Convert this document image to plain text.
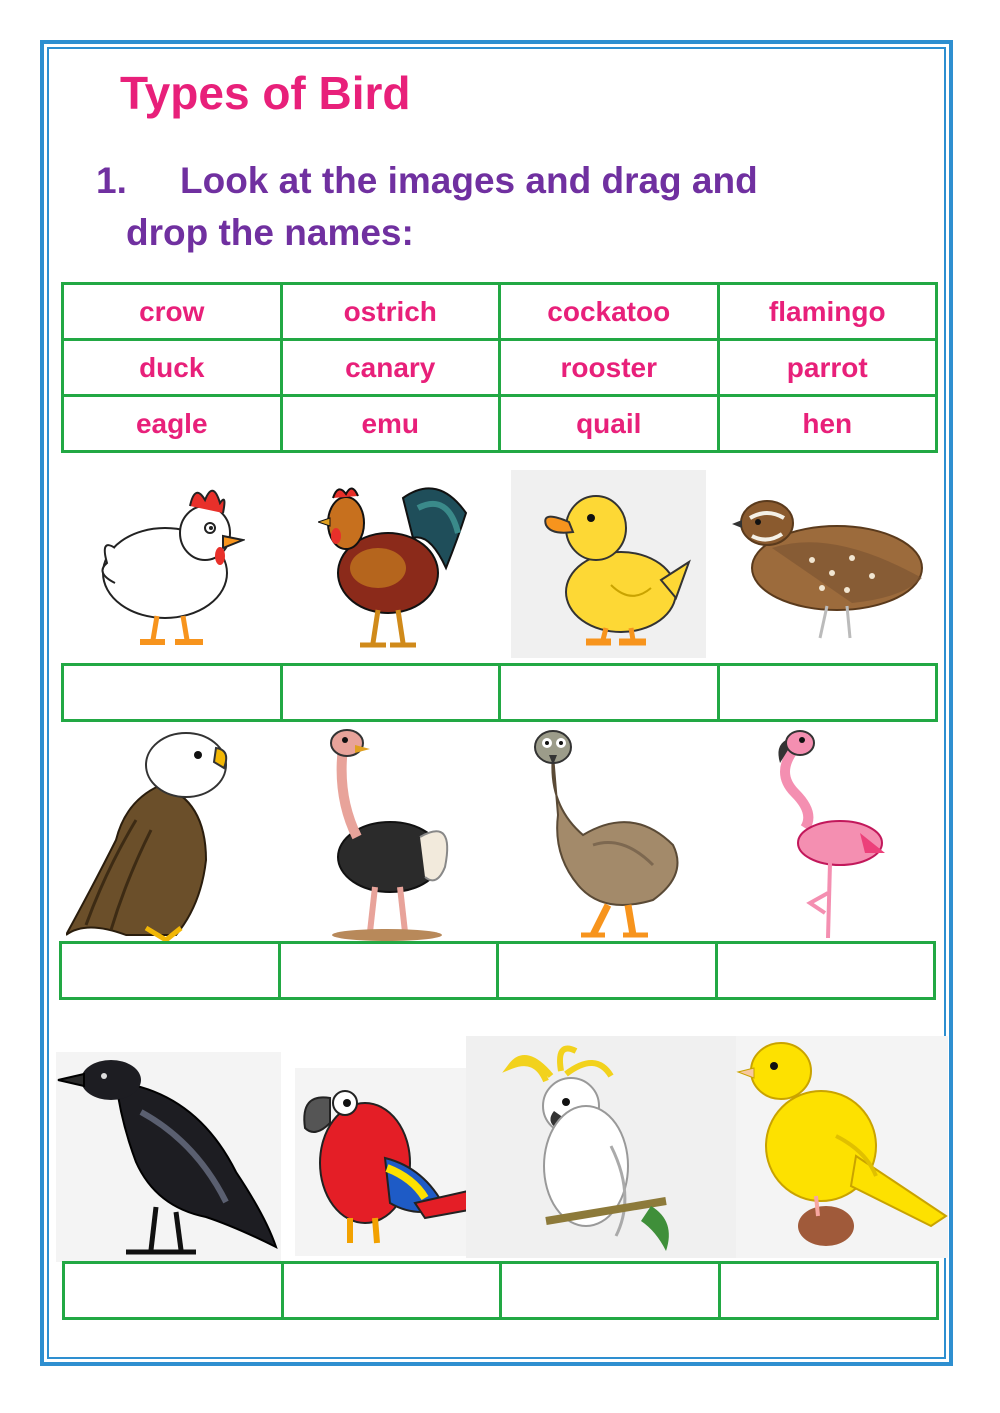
Types of Bird

1. Look at the images and drag and
drop the names:

crow	ostrich	cockatoo	flamingo
duck	canary	rooster	parrot
eagle	emu	quail	hen
